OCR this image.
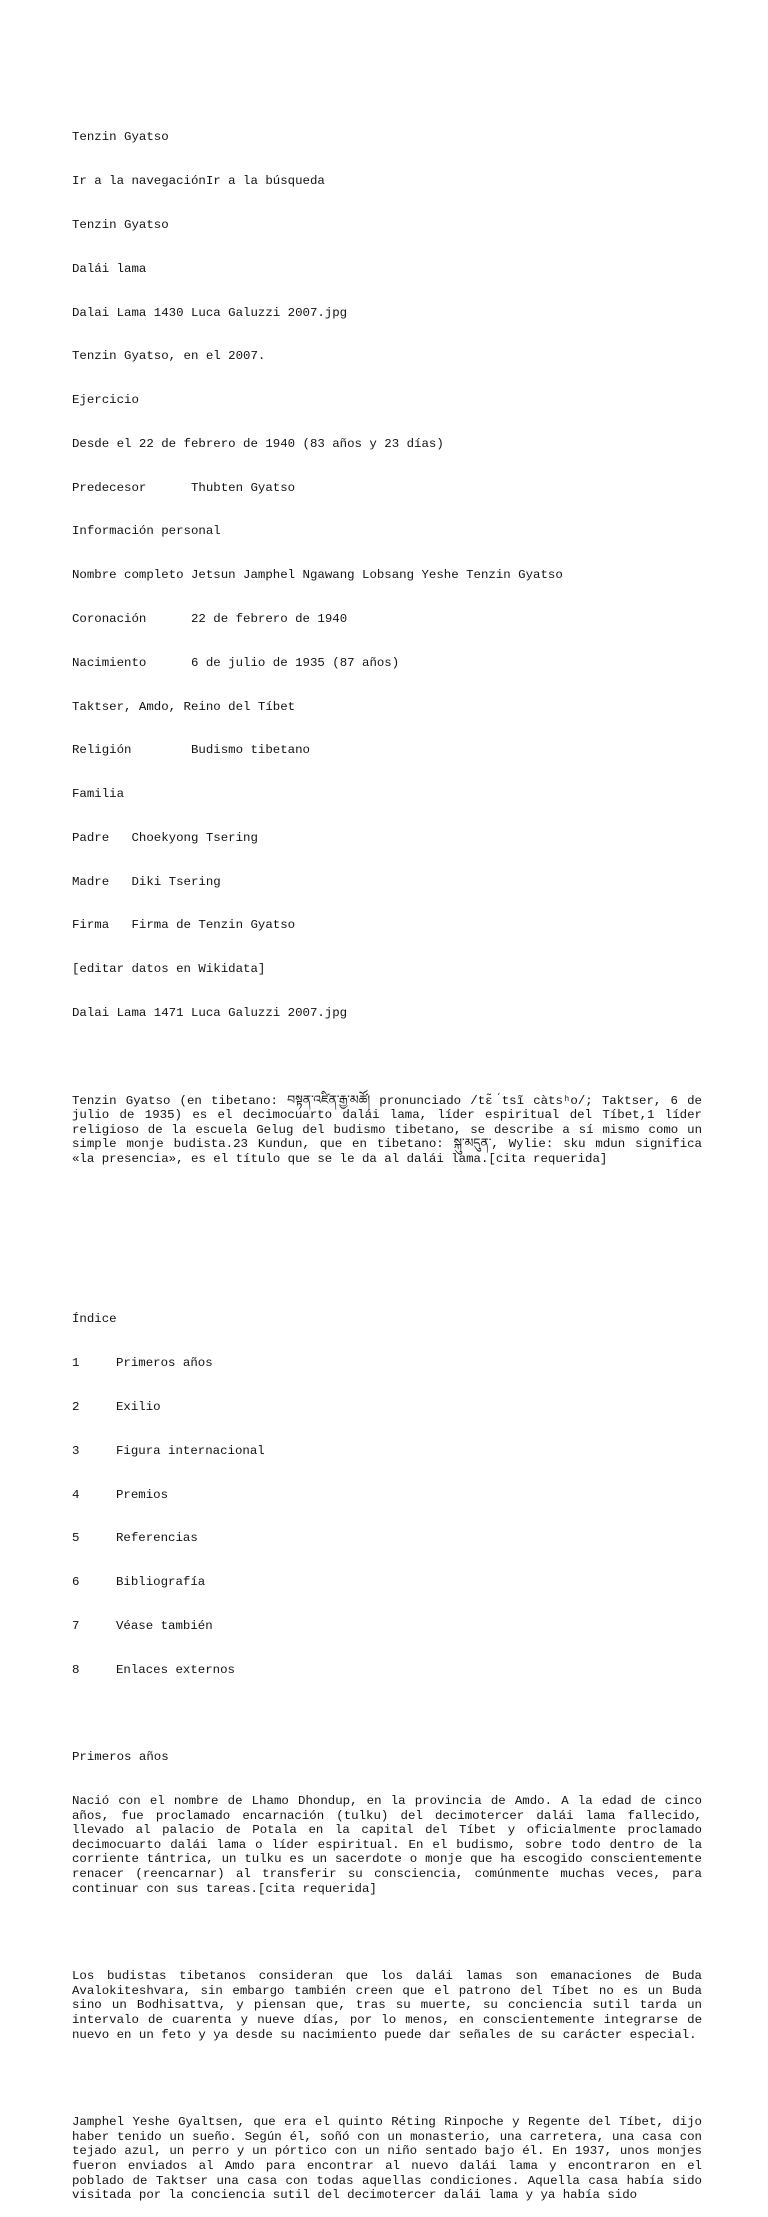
Tenzin Gyatso

Ir a la navegaciónIr a la búsqueda

Tenzin Gyatso

Dalái lama

Dalai Lama 1430 Luca Galuzzi 2007.jpg

Tenzin Gyatso, en el 2007.

Ejercicio

Desde el 22 de febrero de 1940 (83 años y 23 días)

Predecesor	Thubten Gyatso

Información personal

Nombre completo	Jetsun Jamphel Ngawang Lobsang Yeshe Tenzin Gyatso

Coronación	22 de febrero de 1940

Nacimiento	6 de julio de 1935 (87 años)

Taktser, Amdo, Reino del Tíbet

Religión	Budismo tibetano

Familia

Padre	Choekyong Tsering

Madre	Diki Tsering

Firma	Firma de Tenzin Gyatso

[editar datos en Wikidata]

Dalai Lama 1471 Luca Galuzzi 2007.jpg

Tenzin Gyatso (en tibetano: བསྟན་འཛིན་རྒྱ་མཚོ། pronunciado /tɛ̃ ́tsĩ càtsʰo/; Taktser, 6 de julio de 1935) es el decimocuarto dalái lama, líder espiritual del Tíbet,1 líder religioso de la escuela Gelug del budismo tibetano, se describe a sí mismo como un simple monje budista.23 Kundun, que en tibetano: སྐུ་མདུན་, Wylie: sku mdun significa «la presencia», es el título que se le da al dalái lama.[cita requerida]

Índice

1	Primeros años

2	Exilio

3	Figura internacional

4	Premios

5	Referencias

6	Bibliografía

7	Véase también

8	Enlaces externos

Primeros años

Nació con el nombre de Lhamo Dhondup, en la provincia de Amdo. A la edad de cinco años, fue proclamado encarnación (tulku) del decimotercer dalái lama fallecido, llevado al palacio de Potala en la capital del Tíbet y oficialmente proclamado decimocuarto dalái lama o líder espiritual. En el budismo, sobre todo dentro de la corriente tántrica, un tulku es un sacerdote o monje que ha escogido conscientemente renacer (reencarnar) al transferir su consciencia, comúnmente muchas veces, para continuar con sus tareas.[cita requerida]

Los budistas tibetanos consideran que los dalái lamas son emanaciones de Buda Avalokiteshvara, sin embargo también creen que el patrono del Tíbet no es un Buda sino un Bodhisattva, y piensan que, tras su muerte, su conciencia sutil tarda un intervalo de cuarenta y nueve días, por lo menos, en conscientemente integrarse de nuevo en un feto y ya desde su nacimiento puede dar señales de su carácter especial.

Jamphel Yeshe Gyaltsen, que era el quinto Réting Rinpoche y Regente del Tíbet, dijo haber tenido un sueño. Según él, soñó con un monasterio, una carretera, una casa con tejado azul, un perro y un pórtico con un niño sentado bajo él. En 1937, unos monjes fueron enviados al Amdo para encontrar al nuevo dalái lama y encontraron en el poblado de Taktser una casa con todas aquellas condiciones. Aquella casa había sido visitada por la conciencia sutil del decimotercer dalái lama y ya había sido
